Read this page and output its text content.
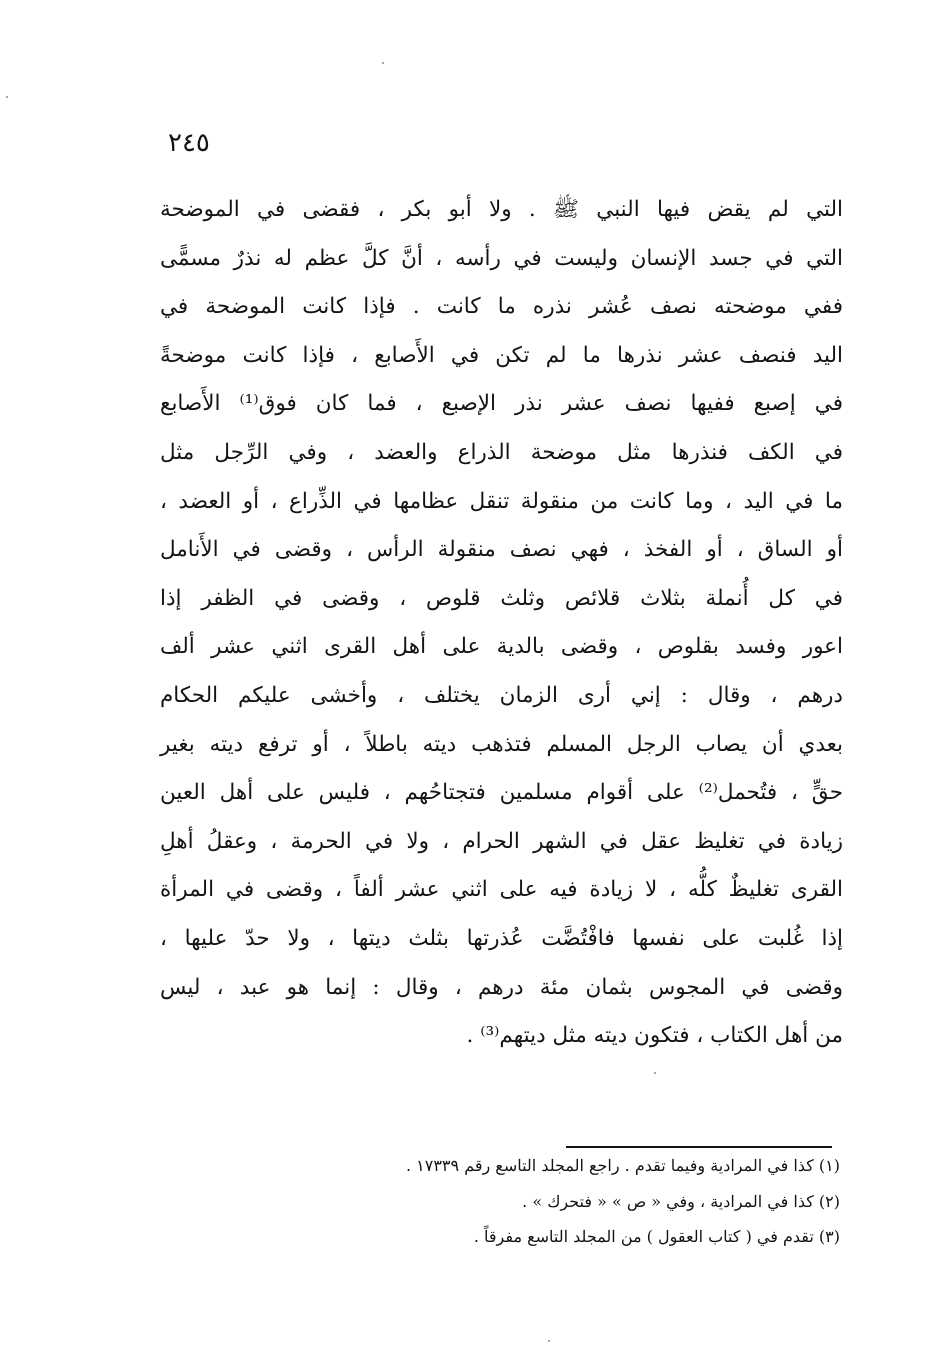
٢٤٥
التي لم يقض فيها النبي ﷺ . ولا أبو بكر ، فقضى في الموضحة
التي في جسد الإنسان وليست في رأسه ، أنَّ كلَّ عظم له نذرٌ مسمًّى
ففي موضحته نصف عُشر نذره ما كانت . فإذا كانت الموضحة في
اليد فنصف عشر نذرها ما لم تكن في الأَصابع ، فإذا كانت موضحةً
في إصبع ففيها نصف عشر نذر الإصبع ، فما كان فوق⁽¹⁾ الأَصابع
في الكف فنذرها مثل موضحة الذراع والعضد ، وفي الرِّجل مثل
ما في اليد ، وما كانت من منقولة تنقل عظامها في الذِّراع ، أو العضد ،
أو الساق ، أو الفخذ ، فهي نصف منقولة الرأس ، وقضى في الأَنامل
في كل أُنملة بثلاث قلائص وثلث قلوص ، وقضى في الظفر إذا
اعور وفسد بقلوص ، وقضى بالدية على أهل القرى اثني عشر ألف
درهم ، وقال : إني أرى الزمان يختلف ، وأخشى عليكم الحكام
بعدي أن يصاب الرجل المسلم فتذهب ديته باطلاً ، أو ترفع ديته بغير
حقٍّ ، فتُحمل⁽²⁾ على أقوام مسلمين فتجتاحُهم ، فليس على أهل العين
زيادة في تغليظ عقل في الشهر الحرام ، ولا في الحرمة ، وعقلُ أهلِ
القرى تغليظٌ كلُّه ، لا زيادة فيه على اثني عشر ألفاً ، وقضى في المرأة
إذا غُلبت على نفسها فافْتُضَّت عُذرتها بثلث ديتها ، ولا حدّ عليها ،
وقضى في المجوس بثمان مئة درهم ، وقال : إنما هو عبد ، ليس
من أهل الكتاب ، فتكون ديته مثل ديتهم⁽³⁾ .
(١) كذا في المرادية وفيما تقدم . راجع المجلد التاسع رقم ١٧٣٣٩ .
(٢) كذا في المرادية ، وفي « ص » « فتحرك » .
(٣) تقدم في ( كتاب العقول ) من المجلد التاسع مفرقاً .
